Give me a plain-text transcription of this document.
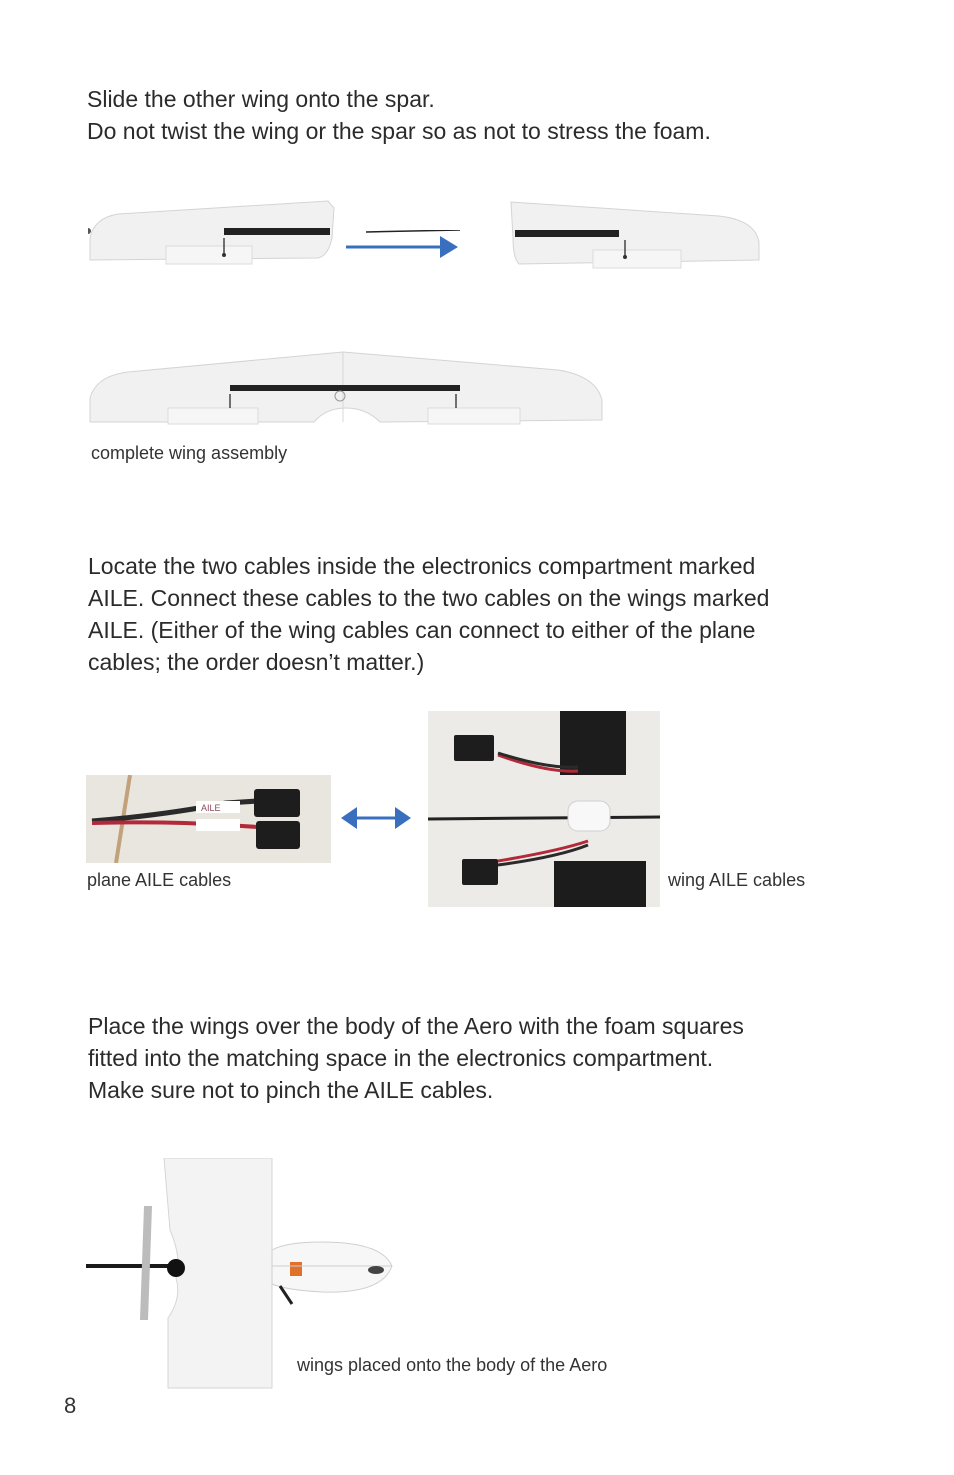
Slide the other wing onto the spar.
Do not twist the wing or the spar so as not to stress the foam.
complete wing assembly
Locate the two cables inside the electronics compartment marked
AILE. Connect these cables to the two cables on the wings marked
AILE. (Either of the wing cables can connect to either of the plane
cables; the order doesn’t matter.)
AILE
plane AILE cables	wing AILE cables
Place the wings over the body of the Aero with the foam squares
fitted into the matching space in the electronics compartment.
Make sure not to pinch the AILE cables.
wings placed onto the body of the Aero
8
